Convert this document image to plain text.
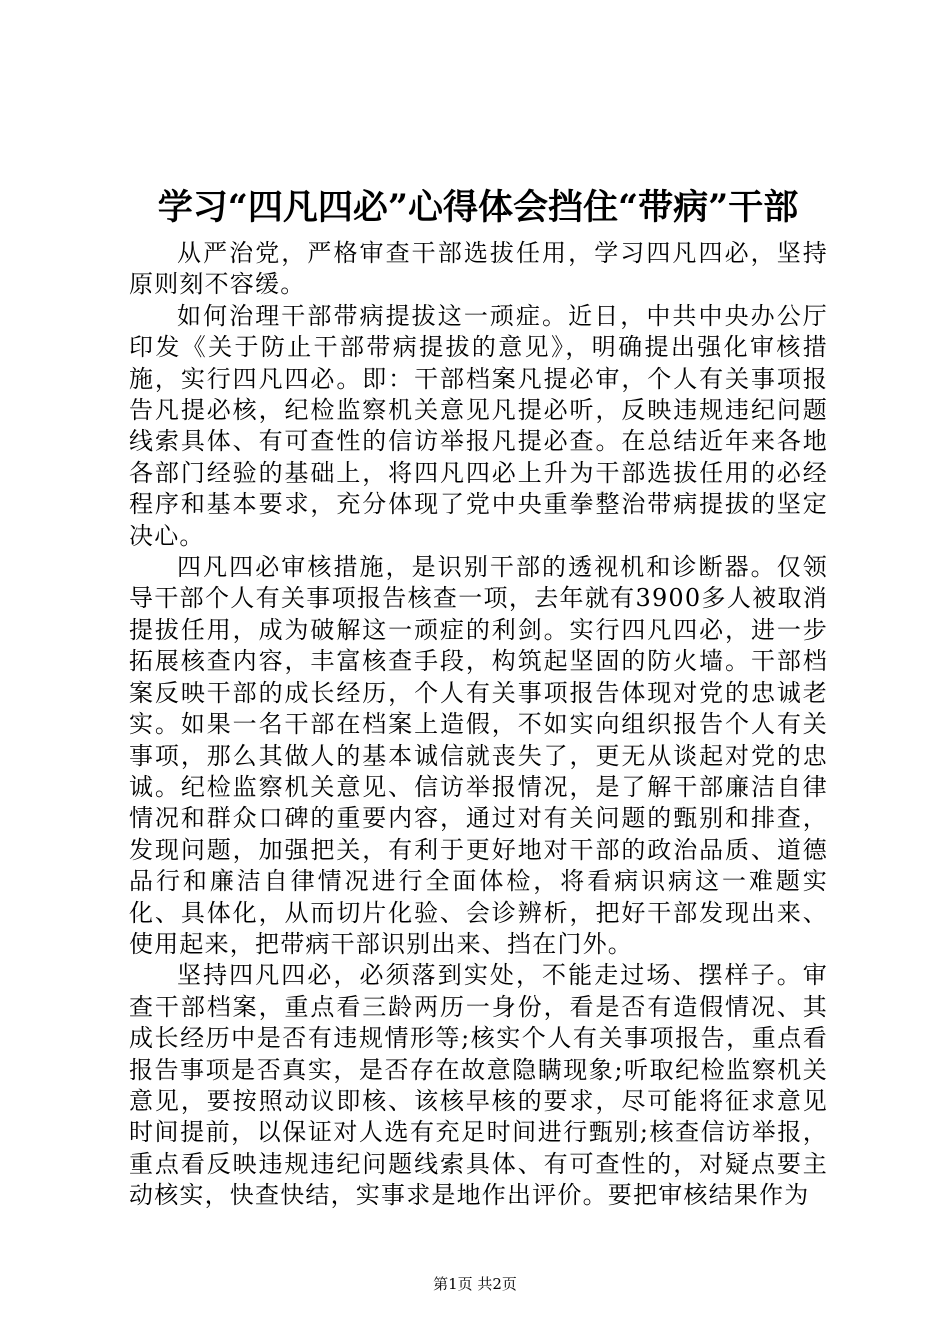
学习“四凡四必”心得体会挡住“带病”干部

从严治党，严格审查干部选拔任用，学习四凡四必，坚持原则刻不容缓。

如何治理干部带病提拔这一顽症。近日，中共中央办公厅印发《关于防止干部带病提拔的意见》，明确提出强化审核措施，实行四凡四必。即：干部档案凡提必审，个人有关事项报告凡提必核，纪检监察机关意见凡提必听，反映违规违纪问题线索具体、有可查性的信访举报凡提必查。在总结近年来各地各部门经验的基础上，将四凡四必上升为干部选拔任用的必经程序和基本要求，充分体现了党中央重拳整治带病提拔的坚定决心。

四凡四必审核措施，是识别干部的透视机和诊断器。仅领导干部个人有关事项报告核查一项，去年就有3900多人被取消提拔任用，成为破解这一顽症的利剑。实行四凡四必，进一步拓展核查内容，丰富核查手段，构筑起坚固的防火墙。干部档案反映干部的成长经历，个人有关事项报告体现对党的忠诚老实。如果一名干部在档案上造假，不如实向组织报告个人有关事项，那么其做人的基本诚信就丧失了，更无从谈起对党的忠诚。纪检监察机关意见、信访举报情况，是了解干部廉洁自律情况和群众口碑的重要内容，通过对有关问题的甄别和排查，发现问题，加强把关，有利于更好地对干部的政治品质、道德品行和廉洁自律情况进行全面体检，将看病识病这一难题实化、具体化，从而切片化验、会诊辨析，把好干部发现出来、使用起来，把带病干部识别出来、挡在门外。

坚持四凡四必，必须落到实处，不能走过场、摆样子。审查干部档案，重点看三龄两历一身份，看是否有造假情况、其成长经历中是否有违规情形等;核实个人有关事项报告，重点看报告事项是否真实，是否存在故意隐瞒现象;听取纪检监察机关意见，要按照动议即核、该核早核的要求，尽可能将征求意见时间提前，以保证对人选有充足时间进行甄别;核查信访举报，重点看反映违规违纪问题线索具体、有可查性的，对疑点要主动核实，快查快结，实事求是地作出评价。要把审核结果作为

第1页 共2页
